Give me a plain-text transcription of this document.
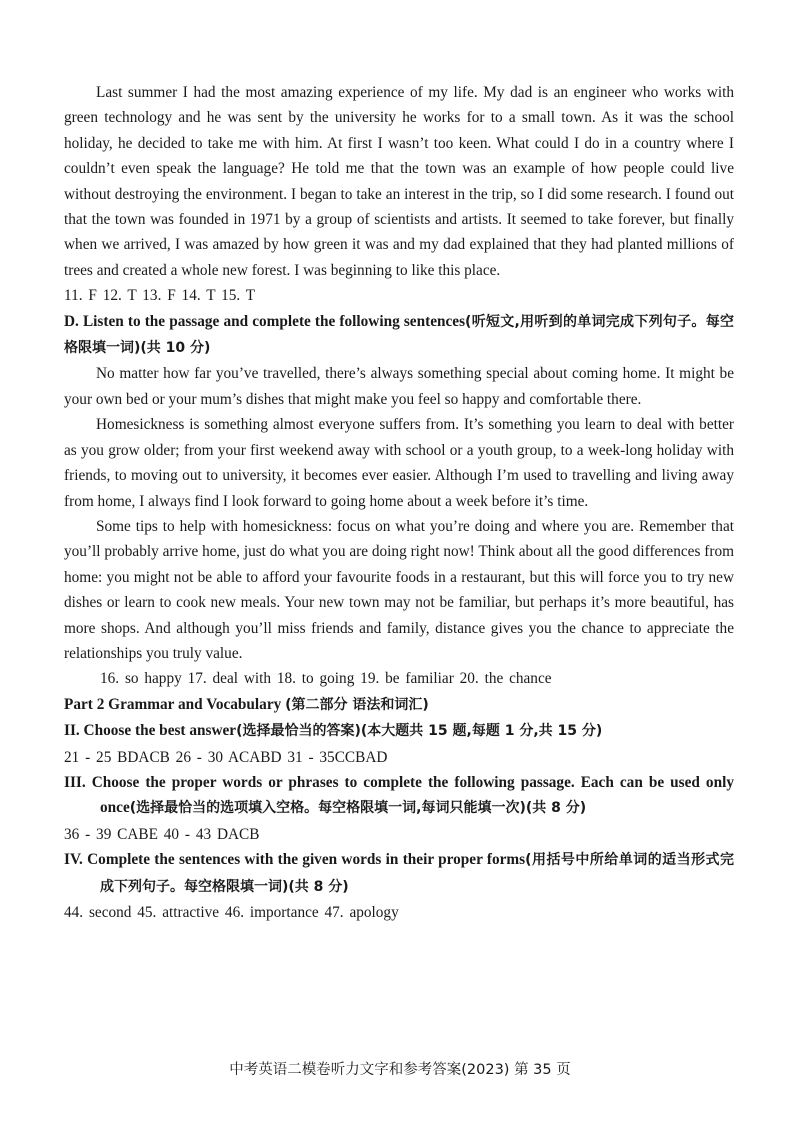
Last summer I had the most amazing experience of my life. My dad is an engineer who works with green technology and he was sent by the university he works for to a small town. As it was the school holiday, he decided to take me with him. At first I wasn’t too keen. What could I do in a country where I couldn’t even speak the language? He told me that the town was an example of how people could live without destroying the environment. I began to take an interest in the trip, so I did some research. I found out that the town was founded in 1971 by a group of scientists and artists. It seemed to take forever, but finally when we arrived, I was amazed by how green it was and my dad explained that they had planted millions of trees and created a whole new forest. I was beginning to like this place.

11. F 12. T 13. F 14. T 15. T

D. Listen to the passage and complete the following sentences(听短文,用听到的单词完成下列句子。每空格限填一词)(共 10 分)

No matter how far you’ve travelled, there’s always something special about coming home. It might be your own bed or your mum’s dishes that might make you feel so happy and comfortable there.

Homesickness is something almost everyone suffers from. It’s something you learn to deal with better as you grow older; from your first weekend away with school or a youth group, to a week-long holiday with friends, to moving out to university, it becomes ever easier. Although I’m used to travelling and living away from home, I always find I look forward to going home about a week before it’s time.

Some tips to help with homesickness: focus on what you’re doing and where you are. Remember that you’ll probably arrive home, just do what you are doing right now! Think about all the good differences from home: you might not be able to afford your favourite foods in a restaurant, but this will force you to try new dishes or learn to cook new meals. Your new town may not be familiar, but perhaps it’s more beautiful, has more shops. And although you’ll miss friends and family, distance gives you the chance to appreciate the relationships you truly value.

16. so happy 17. deal with 18. to going 19. be familiar 20. the chance

Part 2 Grammar and Vocabulary (第二部分 语法和词汇)

II. Choose the best answer(选择最恰当的答案)(本大题共 15 题,每题 1 分,共 15 分)

21 - 25 BDACB 26 - 30 ACABD 31 - 35CCBAD

III. Choose the proper words or phrases to complete the following passage. Each can be used only once(选择最恰当的选项填入空格。每空格限填一词,每词只能填一次)(共 8 分)

36 - 39 CABE 40 - 43 DACB

IV. Complete the sentences with the given words in their proper forms(用括号中所给单词的适当形式完成下列句子。每空格限填一词)(共 8 分)

44. second 45. attractive 46. importance 47. apology

中考英语二模卷听力文字和参考答案(2023) 第 35 页
